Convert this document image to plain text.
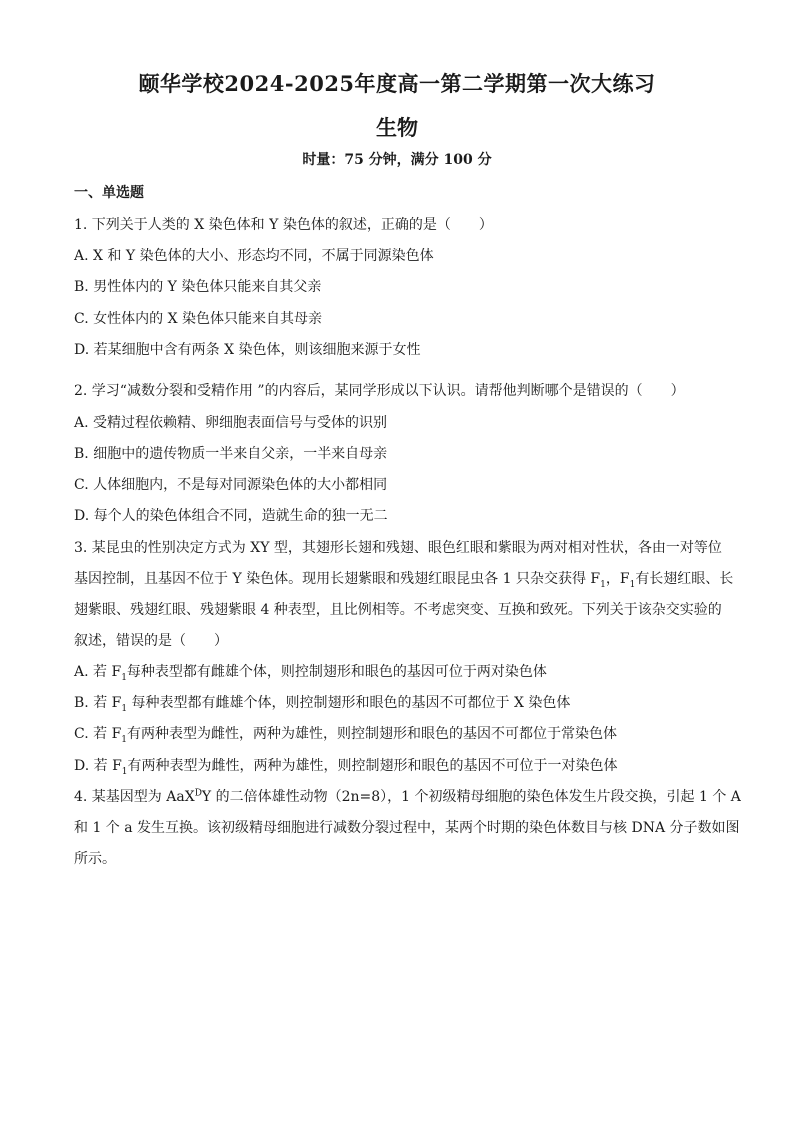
颐华学校2024-2025年度高一第二学期第一次大练习
生物
时量：75 分钟，满分 100 分
一、单选题
1. 下列关于人类的 X 染色体和 Y 染色体的叙述，正确的是（　　）
A. X 和 Y 染色体的大小、形态均不同，不属于同源染色体
B. 男性体内的 Y 染色体只能来自其父亲
C. 女性体内的 X 染色体只能来自其母亲
D. 若某细胞中含有两条 X 染色体，则该细胞来源于女性
2. 学习“减数分裂和受精作用 ”的内容后，某同学形成以下认识。请帮他判断哪个是错误的（　　）
A. 受精过程依赖精、卵细胞表面信号与受体的识别
B. 细胞中的遗传物质一半来自父亲，一半来自母亲
C. 人体细胞内，不是每对同源染色体的大小都相同
D. 每个人的染色体组合不同，造就生命的独一无二
3. 某昆虫的性别决定方式为 XY 型，其翅形长翅和残翅、眼色红眼和紫眼为两对相对性状，各由一对等位
基因控制，且基因不位于 Y 染色体。现用长翅紫眼和残翅红眼昆虫各 1 只杂交获得 $F_1$，$F_1$有长翅红眼、长
翅紫眼、残翅红眼、残翅紫眼 4 种表型，且比例相等。不考虑突变、互换和致死。下列关于该杂交实验的
叙述，错误的是（　　）
A. 若 $F_1$每种表型都有雌雄个体，则控制翅形和眼色的基因可位于两对染色体
B. 若 $F_1$ 每种表型都有雌雄个体，则控制翅形和眼色的基因不可都位于 X 染色体
C. 若 $F_1$有两种表型为雌性，两种为雄性，则控制翅形和眼色的基因不可都位于常染色体
D. 若 $F_1$有两种表型为雌性，两种为雄性，则控制翅形和眼色的基因不可位于一对染色体
4. 某基因型为 AaX$^D$Y 的二倍体雄性动物（2n=8），1 个初级精母细胞的染色体发生片段交换，引起 1 个 A
和 1 个 a 发生互换。该初级精母细胞进行减数分裂过程中，某两个时期的染色体数目与核 DNA 分子数如图
所示。
